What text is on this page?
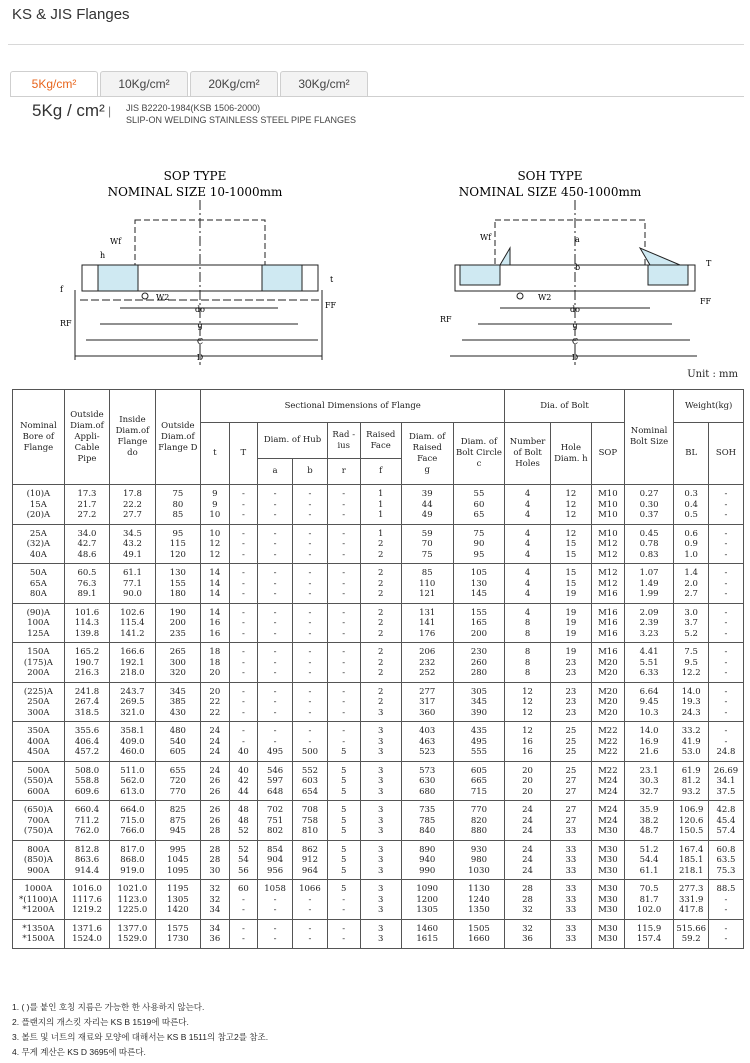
KS & JIS Flanges
5Kg/cm²	10Kg/cm²	20Kg/cm²	30Kg/cm²
5Kg / cm² | JIS B2220-1984(KSB 1506-2000)
SLIP-ON WELDING STAINLESS STEEL PIPE FLANGES
SOP TYPE
NOMINAL SIZE 10-1000mm
SOH TYPE
NOMINAL SIZE 450-1000mm
do
g
C
D
Wf
h
W2
f
RF
FF
t
do
g
C
D
Wf	a
b
W2
RF
FF
T
Unit : mm
Nominal Bore of Flange	Outside Diam.of Appli-Cable Pipe	Inside Diam.of Flange do	Outside Diam.of Flange D	Sectional Dimensions of Flange								Dia. of Bolt			Nominal Bolt Size	Weight(kg)	
				t	T	Diam. of Hub		Rad -ius	Raised Face	Diam. of Raised Face
g	Diam. of Bolt Circle c	Number of Bolt Holes	Hole Diam. h	SOP		BL	SOH
						a	b	r	f								
(10)A	17.3	17.8	75	9	-	-	-	-	1	39	55	4	12	M10	0.27	0.3	-
15A	21.7	22.2	80	9	-	-	-	-	1	44	60	4	12	M10	0.30	0.4	-
(20)A	27.2	27.7	85	10	-	-	-	-	1	49	65	4	12	M10	0.37	0.5	-
25A	34.0	34.5	95	10	-	-	-	-	1	59	75	4	12	M10	0.45	0.6	-
(32)A	42.7	43.2	115	12	-	-	-	-	2	70	90	4	15	M12	0.78	0.9	-
40A	48.6	49.1	120	12	-	-	-	-	2	75	95	4	15	M12	0.83	1.0	-
50A	60.5	61.1	130	14	-	-	-	-	2	85	105	4	15	M12	1.07	1.4	-
65A	76.3	77.1	155	14	-	-	-	-	2	110	130	4	15	M12	1.49	2.0	-
80A	89.1	90.0	180	14	-	-	-	-	2	121	145	4	19	M16	1.99	2.7	-
(90)A	101.6	102.6	190	14	-	-	-	-	2	131	155	4	19	M16	2.09	3.0	-
100A	114.3	115.4	200	16	-	-	-	-	2	141	165	8	19	M16	2.39	3.7	-
125A	139.8	141.2	235	16	-	-	-	-	2	176	200	8	19	M16	3.23	5.2	-
150A	165.2	166.6	265	18	-	-	-	-	2	206	230	8	19	M16	4.41	7.5	-
(175)A	190.7	192.1	300	18	-	-	-	-	2	232	260	8	23	M20	5.51	9.5	-
200A	216.3	218.0	320	20	-	-	-	-	2	252	280	8	23	M20	6.33	12.2	-
(225)A	241.8	243.7	345	20	-	-	-	-	2	277	305	12	23	M20	6.64	14.0	-
250A	267.4	269.5	385	22	-	-	-	-	2	317	345	12	23	M20	9.45	19.3	-
300A	318.5	321.0	430	22	-	-	-	-	3	360	390	12	23	M20	10.3	24.3	-
350A	355.6	358.1	480	24	-	-	-	-	3	403	435	12	25	M22	14.0	33.2	-
400A	406.4	409.0	540	24	-	-	-	-	3	463	495	16	25	M22	16.9	41.9	-
450A	457.2	460.0	605	24	40	495	500	5	3	523	555	16	25	M22	21.6	53.0	24.8
500A	508.0	511.0	655	24	40	546	552	5	3	573	605	20	25	M22	23.1	61.9	26.69
(550)A	558.8	562.0	720	26	42	597	603	5	3	630	665	20	27	M24	30.3	81.2	34.1
600A	609.6	613.0	770	26	44	648	654	5	3	680	715	20	27	M24	32.7	93.2	37.5
(650)A	660.4	664.0	825	26	48	702	708	5	3	735	770	24	27	M24	35.9	106.9	42.8
700A	711.2	715.0	875	26	48	751	758	5	3	785	820	24	27	M24	38.2	120.6	45.4
(750)A	762.0	766.0	945	28	52	802	810	5	3	840	880	24	33	M30	48.7	150.5	57.4
800A	812.8	817.0	995	28	52	854	862	5	3	890	930	24	33	M30	51.2	167.4	60.8
(850)A	863.6	868.0	1045	28	54	904	912	5	3	940	980	24	33	M30	54.4	185.1	63.5
900A	914.4	919.0	1095	30	56	956	964	5	3	990	1030	24	33	M30	61.1	218.1	75.3
1000A	1016.0	1021.0	1195	32	60	1058	1066	5	3	1090	1130	28	33	M30	70.5	277.3	88.5
*(1100)A	1117.6	1123.0	1305	32	-	-	-	-	3	1200	1240	28	33	M30	81.7	331.9	-
*1200A	1219.2	1225.0	1420	34	-	-	-	-	3	1305	1350	32	33	M30	102.0	417.8	-
*1350A	1371.6	1377.0	1575	34	-	-	-	-	3	1460	1505	32	33	M30	115.9	515.66	-
*1500A	1524.0	1529.0	1730	36	-	-	-	-	3	1615	1660	36	33	M30	157.4	59.2	-
1. ( )를 붙인 호칭 지름은 가능한 한 사용하지 않는다.
2. 플랜지의 개스킷 자리는 KS B 1519에 따른다.
3. 볼트 및 너트의 재료와 모양에 대해서는 KS B 1511의 참고2를 참조.
4. 무게 계산은 KS D 3695에 따른다.
